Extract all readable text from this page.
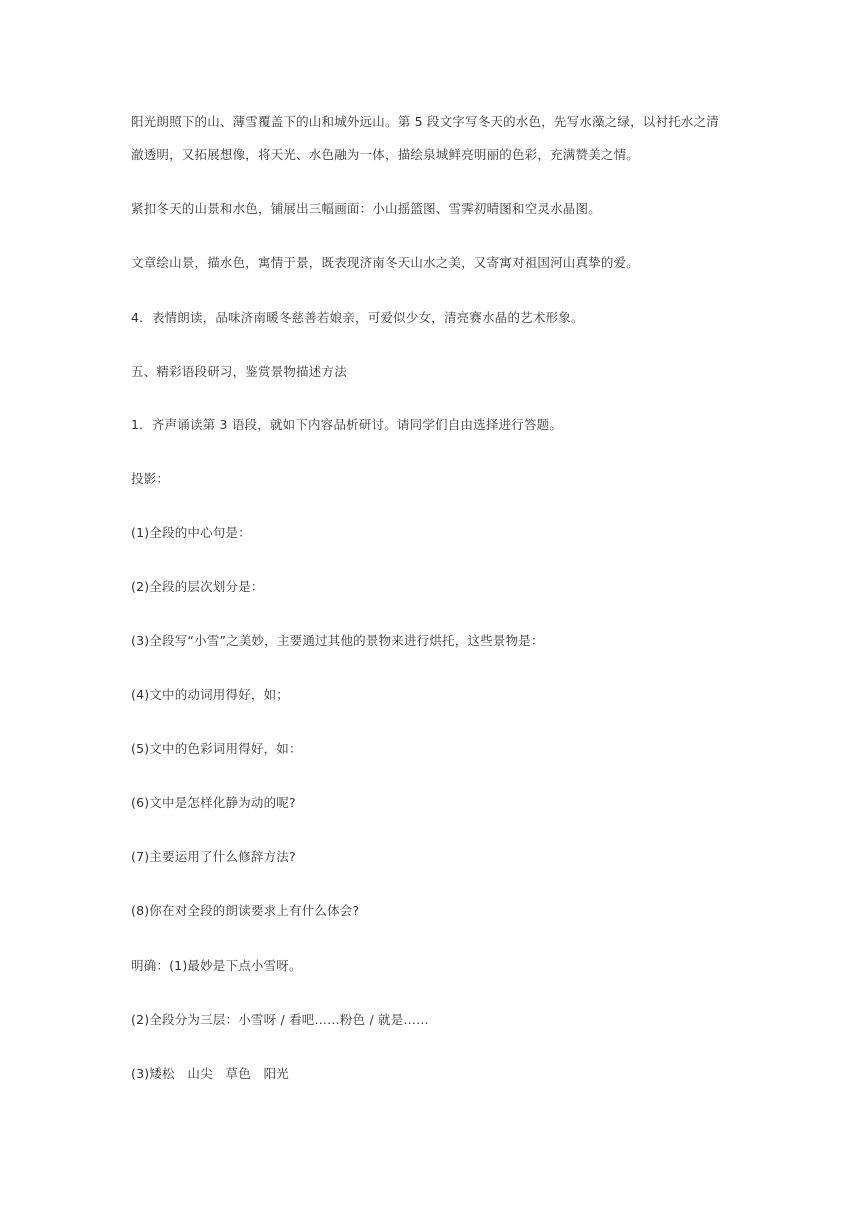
阳光朗照下的山、薄雪覆盖下的山和城外远山。第 5 段文字写冬天的水色，先写水藻之绿，以衬托水之清
澈透明，又拓展想像，将天光、水色融为一体，描绘泉城鲜亮明丽的色彩，充满赞美之情。
紧扣冬天的山景和水色，铺展出三幅画面：小山摇篮图、雪霁初晴图和空灵水晶图。
文章绘山景，描水色，寓情于景，既表现济南冬天山水之美，又寄寓对祖国河山真挚的爱。
4．表情朗读，品味济南暖冬慈善若娘亲，可爱似少女，清亮赛水晶的艺术形象。
五、精彩语段研习，鉴赏景物描述方法
1．齐声诵读第 3 语段，就如下内容品析研讨。请同学们自由选择进行答题。
投影：
(1)全段的中心句是：
(2)全段的层次划分是：
(3)全段写“小雪”之美妙，主要通过其他的景物来进行烘托，这些景物是：
(4)文中的动词用得好，如；
(5)文中的色彩词用得好，如：
(6)文中是怎样化静为动的呢?
(7)主要运用了什么修辞方法?
(8)你在对全段的朗读要求上有什么体会?
明确：(1)最妙是下点小雪呀。
(2)全段分为三层：小雪呀 / 看吧……粉色 / 就是……
(3)矮松　山尖　草色　阳光
